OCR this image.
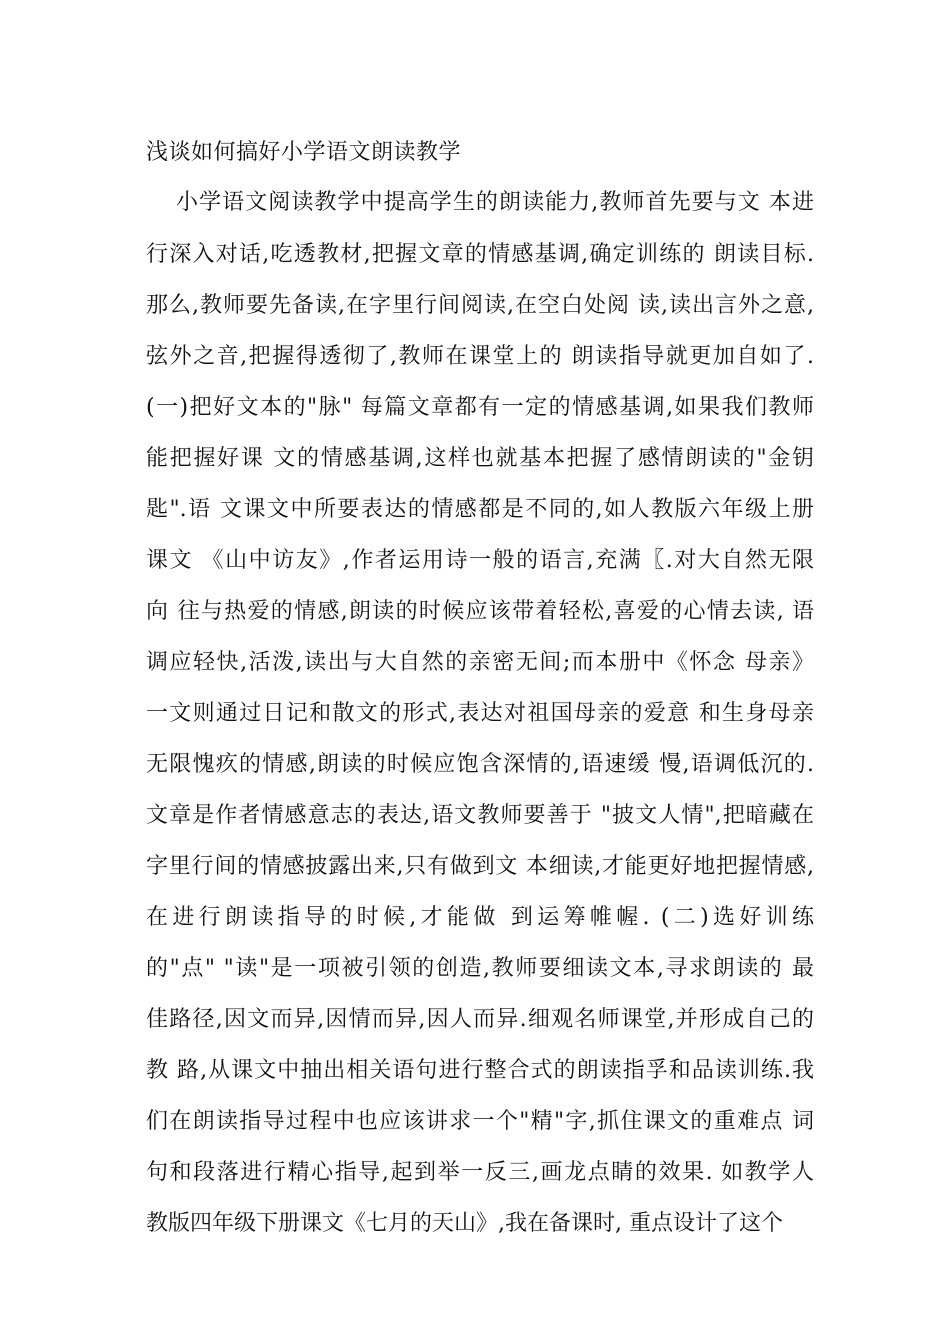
浅谈如何搞好小学语文朗读教学
小学语文阅读教学中提高学生的朗读能力,教师首先要与文 本进
行深入对话,吃透教材,把握文章的情感基调,确定训练的 朗读目标.
那么,教师要先备读,在字里行间阅读,在空白处阅 读,读出言外之意,
弦外之音,把握得透彻了,教师在课堂上的 朗读指导就更加自如了.
(一)把好文本的"脉" 每篇文章都有一定的情感基调,如果我们教师
能把握好课 文的情感基调,这样也就基本把握了感情朗读的"金钥
匙".语 文课文中所要表达的情感都是不同的,如人教版六年级上册
课文 《山中访友》,作者运用诗一般的语言,充满〖.对大自然无限
向 往与热爱的情感,朗读的时候应该带着轻松,喜爱的心情去读, 语
调应轻快,活泼,读出与大自然的亲密无间;而本册中《怀念 母亲》
一文则通过日记和散文的形式,表达对祖国母亲的爱意 和生身母亲
无限愧疚的情感,朗读的时候应饱含深情的,语速缓 慢,语调低沉的.
文章是作者情感意志的表达,语文教师要善于 "披文人情",把暗藏在
字里行间的情感披露出来,只有做到文 本细读,才能更好地把握情感,
在进行朗读指导的时候,才能做 到运筹帷幄. (二)选好训练
的"点" "读"是一项被引领的创造,教师要细读文本,寻求朗读的 最
佳路径,因文而异,因情而异,因人而异.细观名师课堂,并形成自己的
教 路,从课文中抽出相关语句进行整合式的朗读指孚和品读训练.我
们在朗读指导过程中也应该讲求一个"精"字,抓住课文的重难点 词
句和段落进行精心指导,起到举一反三,画龙点睛的效果. 如教学人
教版四年级下册课文《七月的天山》,我在备课时, 重点设计了这个
